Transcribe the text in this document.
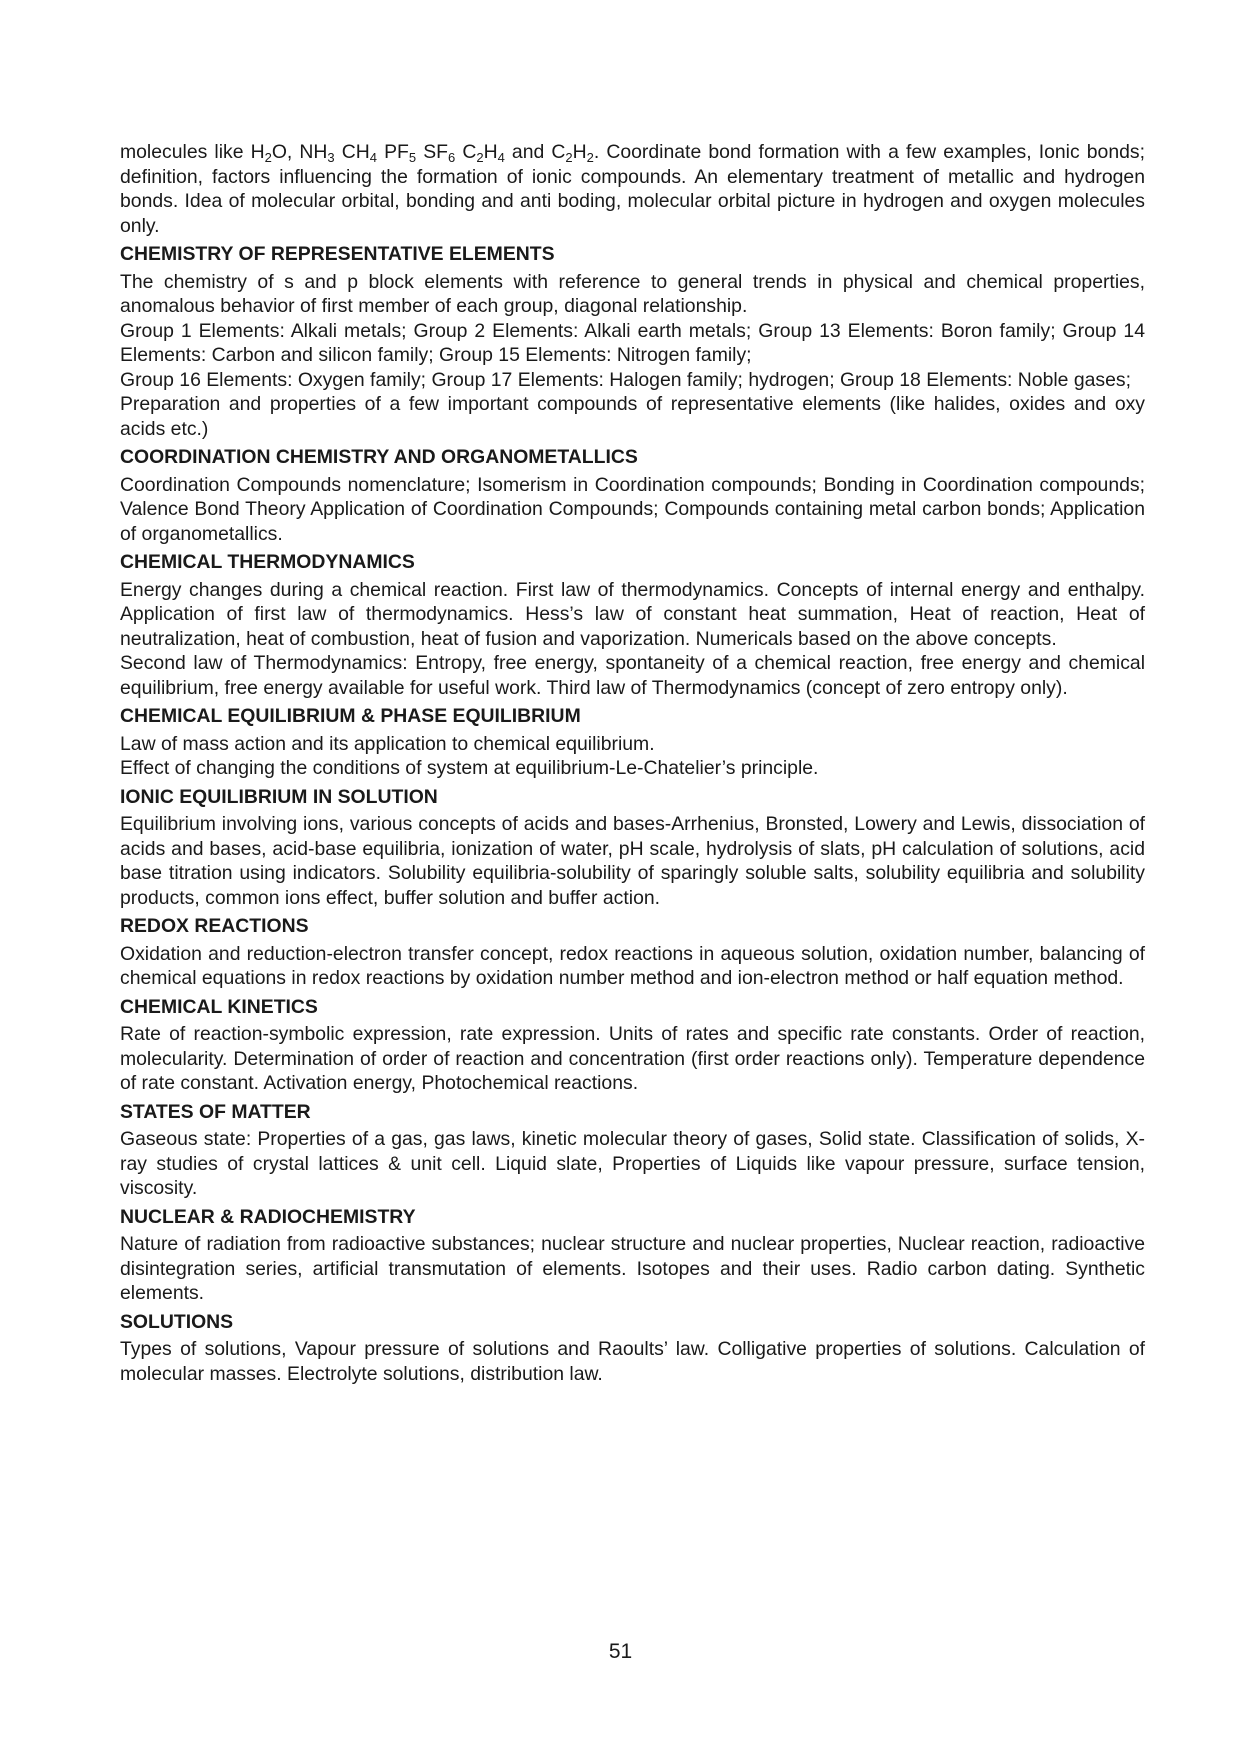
molecules like $H_2O$, $NH_3$ $CH_4$ $PF_5$ $SF_6$ $C_2H_4$ and $C_2H_2$. Coordinate bond formation with a few examples, Ionic bonds; definition, factors influencing the formation of ionic compounds. An elementary treatment of metallic and hydrogen bonds. Idea of molecular orbital, bonding and anti boding, molecular orbital picture in hydrogen and oxygen molecules only.

CHEMISTRY OF REPRESENTATIVE ELEMENTS

The chemistry of s and p block elements with reference to general trends in physical and chemical properties, anomalous behavior of first member of each group, diagonal relationship.

Group 1 Elements: Alkali metals; Group 2 Elements: Alkali earth metals; Group 13 Elements: Boron family; Group 14 Elements: Carbon and silicon family; Group 15 Elements: Nitrogen family;

Group 16 Elements: Oxygen family; Group 17 Elements: Halogen family; hydrogen; Group 18 Elements: Noble gases;

Preparation and properties of a few important compounds of representative elements (like halides, oxides and oxy acids etc.)

COORDINATION CHEMISTRY AND ORGANOMETALLICS

Coordination Compounds nomenclature; Isomerism in Coordination compounds; Bonding in Coordination compounds; Valence Bond Theory Application of Coordination Compounds; Compounds containing metal carbon bonds; Application of organometallics.

CHEMICAL THERMODYNAMICS

Energy changes during a chemical reaction. First law of thermodynamics. Concepts of internal energy and enthalpy. Application of first law of thermodynamics. Hess’s law of constant heat summation, Heat of reaction, Heat of neutralization, heat of combustion, heat of fusion and vaporization. Numericals based on the above concepts.

Second law of Thermodynamics: Entropy, free energy, spontaneity of a chemical reaction, free energy and chemical equilibrium, free energy available for useful work. Third law of Thermodynamics (concept of zero entropy only).

CHEMICAL EQUILIBRIUM & PHASE EQUILIBRIUM

Law of mass action and its application to chemical equilibrium.

Effect of changing the conditions of system at equilibrium-Le-Chatelier’s principle.

IONIC EQUILIBRIUM IN SOLUTION

Equilibrium involving ions, various concepts of acids and bases-Arrhenius, Bronsted, Lowery and Lewis, dissociation of acids and bases, acid-base equilibria, ionization of water, pH scale, hydrolysis of slats, pH calculation of solutions, acid base titration using indicators. Solubility equilibria-solubility of sparingly soluble salts, solubility equilibria and solubility products, common ions effect, buffer solution and buffer action.

REDOX REACTIONS

Oxidation and reduction-electron transfer concept, redox reactions in aqueous solution, oxidation number, balancing of chemical equations in redox reactions by oxidation number method and ion-electron method or half equation method.

CHEMICAL KINETICS

Rate of reaction-symbolic expression, rate expression. Units of rates and specific rate constants. Order of reaction, molecularity. Determination of order of reaction and concentration (first order reactions only). Temperature dependence of rate constant. Activation energy, Photochemical reactions.

STATES OF MATTER

Gaseous state: Properties of a gas, gas laws, kinetic molecular theory of gases, Solid state. Classification of solids, X-ray studies of crystal lattices & unit cell. Liquid slate, Properties of Liquids like vapour pressure, surface tension, viscosity.

NUCLEAR & RADIOCHEMISTRY

Nature of radiation from radioactive substances; nuclear structure and nuclear properties, Nuclear reaction, radioactive disintegration series, artificial transmutation of elements. Isotopes and their uses. Radio carbon dating. Synthetic elements.

SOLUTIONS

Types of solutions, Vapour pressure of solutions and Raoults’ law. Colligative properties of solutions. Calculation of molecular masses. Electrolyte solutions, distribution law.

51
